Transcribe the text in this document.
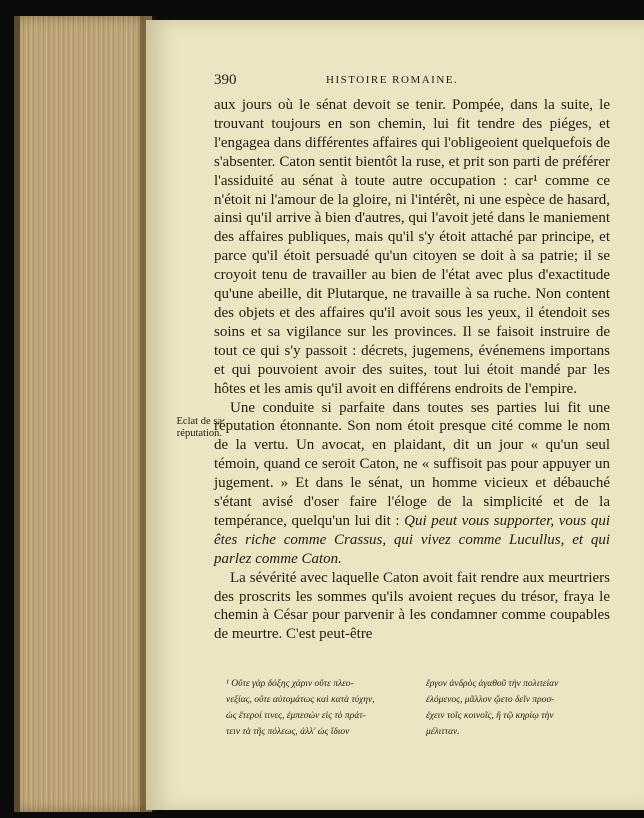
390	HISTOIRE ROMAINE.
Eclat de sa
réputation.

aux jours où le sénat devoit se tenir. Pompée, dans la suite, le trouvant toujours en son chemin, lui fit tendre des piéges, et l'engagea dans différentes affaires qui l'obligeoient quelquefois de s'absenter. Caton sentit bientôt la ruse, et prit son parti de préférer l'assiduité au sénat à toute autre occupation : car¹ comme ce n'étoit ni l'amour de la gloire, ni l'intérêt, ni une espèce de hasard, ainsi qu'il arrive à bien d'autres, qui l'avoit jeté dans le maniement des affaires publiques, mais qu'il s'y étoit attaché par principe, et parce qu'il étoit persuadé qu'un citoyen se doit à sa patrie; il se croyoit tenu de travailler au bien de l'état avec plus d'exactitude qu'une abeille, dit Plutarque, ne travaille à sa ruche. Non content des objets et des affaires qu'il avoit sous les yeux, il étendoit ses soins et sa vigilance sur les provinces. Il se faisoit instruire de tout ce qui s'y passoit : décrets, jugemens, événemens importans et qui pouvoient avoir des suites, tout lui étoit mandé par les hôtes et les amis qu'il avoit en différens endroits de l'empire.

Une conduite si parfaite dans toutes ses parties lui fit une réputation étonnante. Son nom étoit presque cité comme le nom de la vertu. Un avocat, en plaidant, dit un jour « qu'un seul témoin, quand ce seroit Caton, ne « suffisoit pas pour appuyer un jugement. » Et dans le sénat, un homme vicieux et débauché s'étant avisé d'oser faire l'éloge de la simplicité et de la tempérance, quelqu'un lui dit : Qui peut vous supporter, vous qui êtes riche comme Crassus, qui vivez comme Lucullus, et qui parlez comme Caton.

La sévérité avec laquelle Caton avoit fait rendre aux meurtriers des proscrits les sommes qu'ils avoient reçues du trésor, fraya le chemin à César pour parvenir à les condamner comme coupables de meurtre. C'est peut-être

¹ Οὔτε γὰρ δόξης χάριν οὔτε πλεο-
νεξίας, οὔτε αὐτομάτως καὶ κατὰ τύχην,
ὡς ἕτεροί τινες, ἐμπεσὼν εἰς τὸ πράτ-
τειν τὰ τῆς πόλεως, ἀλλ' ὡς ἴδιον
ἔργον ἀνδρὸς ἀγαθοῦ τὴν πολιτείαν
ἑλόμενος, μᾶλλον ᾤετο δεῖν προσ-
έχειν τοῖς κοινοῖς, ἢ τῷ κηρίῳ τὴν
μέλιτταν.
